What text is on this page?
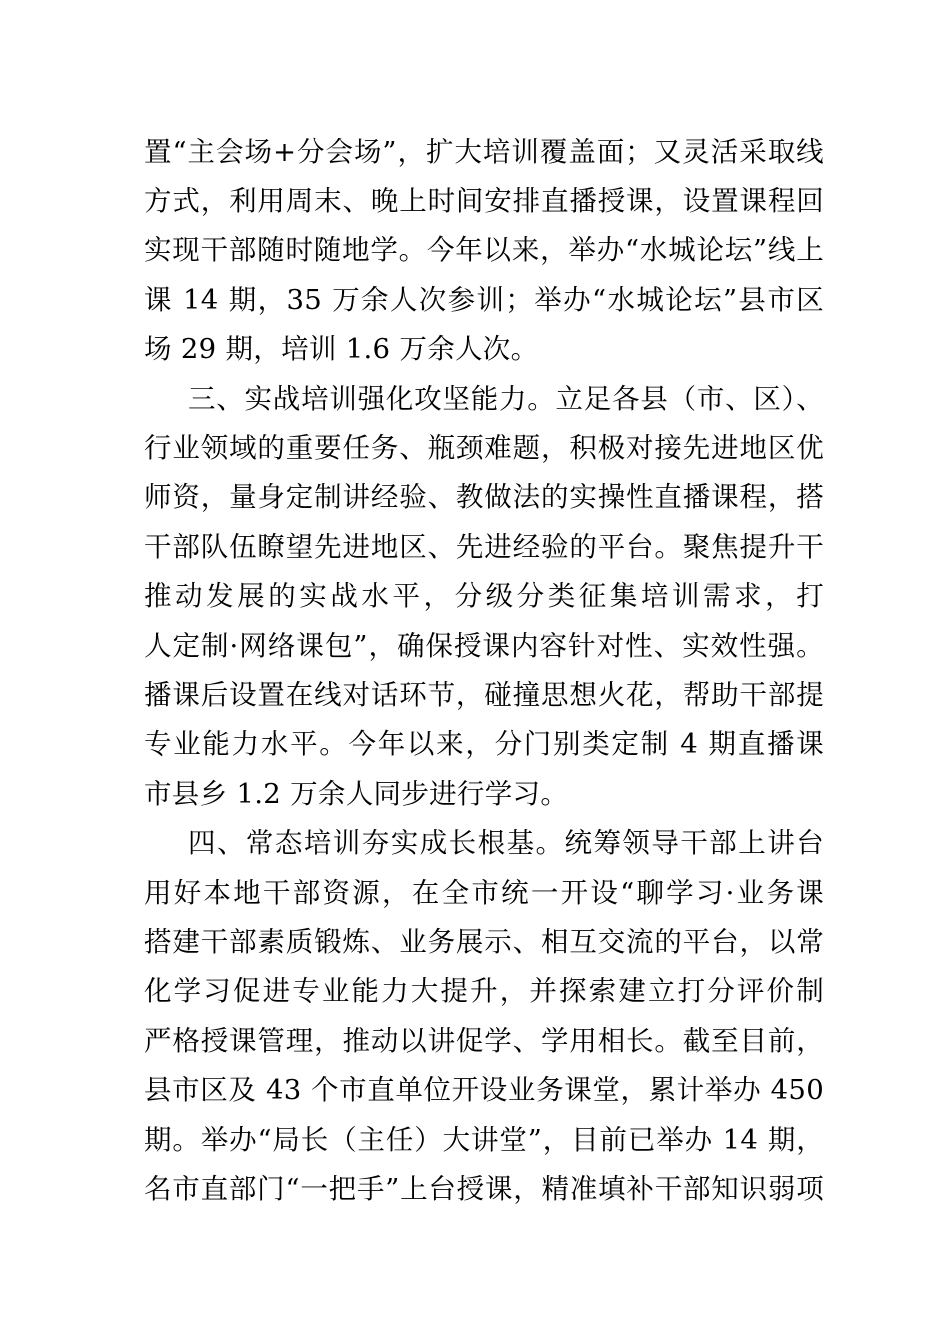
置“主会场+分会场”，扩大培训覆盖面；又灵活采取线
方式，利用周末、晚上时间安排直播授课，设置课程回
实现干部随时随地学。今年以来，举办“水城论坛”线上
课 14 期，35 万余人次参训；举办“水城论坛”县市区
场 29 期，培训 1.6 万余人次。
三、实战培训强化攻坚能力。立足各县（市、区）、
行业领域的重要任务、瓶颈难题，积极对接先进地区优
师资，量身定制讲经验、教做法的实操性直播课程，搭
干部队伍瞭望先进地区、先进经验的平台。聚焦提升干
推动发展的实战水平，分级分类征集培训需求，打
人定制·网络课包”，确保授课内容针对性、实效性强。
播课后设置在线对话环节，碰撞思想火花，帮助干部提
专业能力水平。今年以来，分门别类定制 4 期直播课
市县乡 1.2 万余人同步进行学习。
四、常态培训夯实成长根基。统筹领导干部上讲台
用好本地干部资源，在全市统一开设“聊学习·业务课
搭建干部素质锻炼、业务展示、相互交流的平台，以常
化学习促进专业能力大提升，并探索建立打分评价制
严格授课管理，推动以讲促学、学用相长。截至目前，
县市区及 43 个市直单位开设业务课堂，累计举办 450
期。举办“局长（主任）大讲堂”，目前已举办 14 期，
名市直部门“一把手”上台授课，精准填补干部知识弱项
